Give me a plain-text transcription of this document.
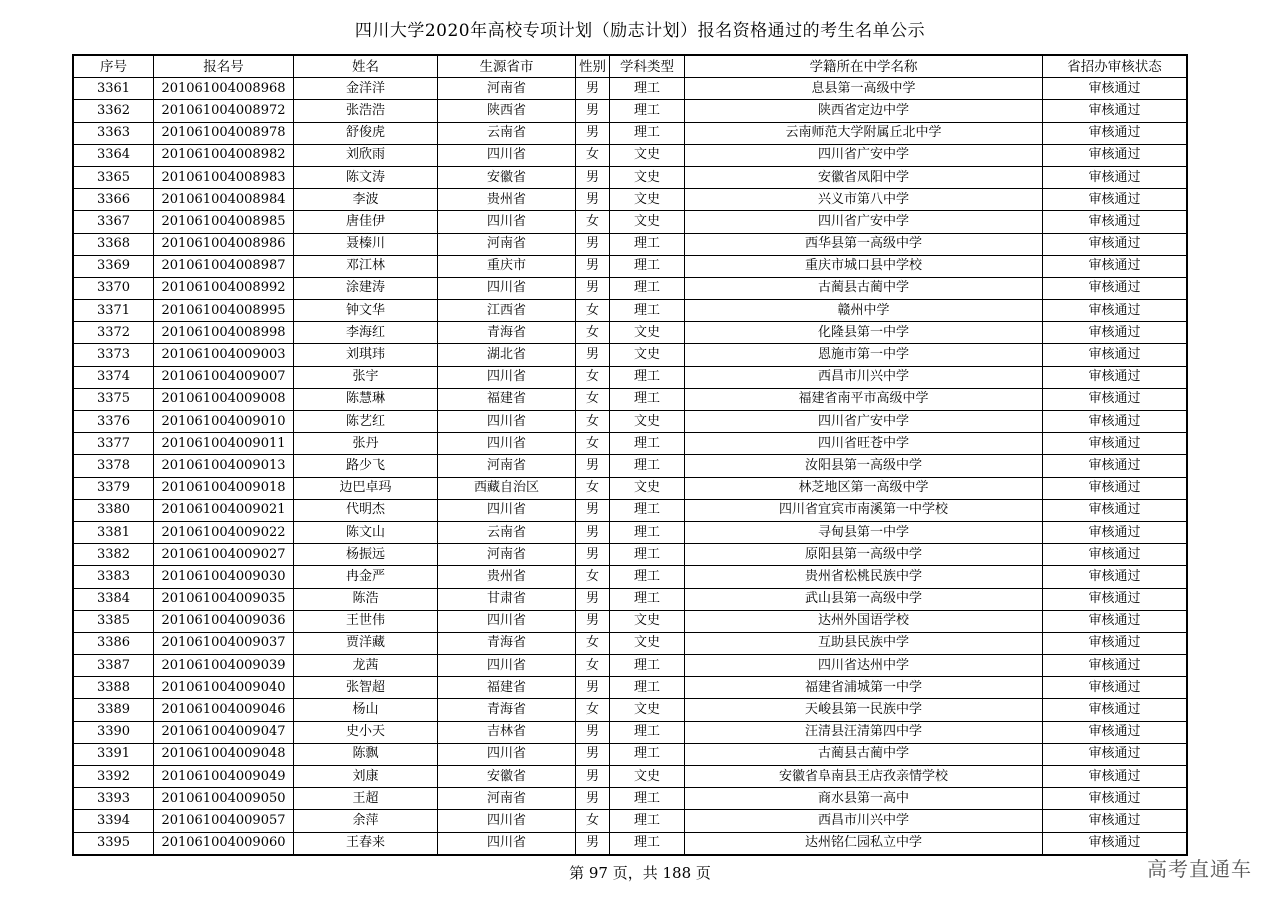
四川大学2020年高校专项计划（励志计划）报名资格通过的考生名单公示
序号	报名号	姓名	生源省市	性别	学科类型	学籍所在中学名称	省招办审核状态
3361	201061004008968	金洋洋	河南省	男	理工	息县第一高级中学	审核通过
3362	201061004008972	张浩浩	陕西省	男	理工	陕西省定边中学	审核通过
3363	201061004008978	舒俊虎	云南省	男	理工	云南师范大学附属丘北中学	审核通过
3364	201061004008982	刘欣雨	四川省	女	文史	四川省广安中学	审核通过
3365	201061004008983	陈文涛	安徽省	男	文史	安徽省凤阳中学	审核通过
3366	201061004008984	李波	贵州省	男	文史	兴义市第八中学	审核通过
3367	201061004008985	唐佳伊	四川省	女	文史	四川省广安中学	审核通过
3368	201061004008986	聂榛川	河南省	男	理工	西华县第一高级中学	审核通过
3369	201061004008987	邓江林	重庆市	男	理工	重庆市城口县中学校	审核通过
3370	201061004008992	涂建涛	四川省	男	理工	古蔺县古蔺中学	审核通过
3371	201061004008995	钟文华	江西省	女	理工	赣州中学	审核通过
3372	201061004008998	李海红	青海省	女	文史	化隆县第一中学	审核通过
3373	201061004009003	刘琪玮	湖北省	男	文史	恩施市第一中学	审核通过
3374	201061004009007	张宇	四川省	女	理工	西昌市川兴中学	审核通过
3375	201061004009008	陈慧琳	福建省	女	理工	福建省南平市高级中学	审核通过
3376	201061004009010	陈艺红	四川省	女	文史	四川省广安中学	审核通过
3377	201061004009011	张丹	四川省	女	理工	四川省旺苍中学	审核通过
3378	201061004009013	路少飞	河南省	男	理工	汝阳县第一高级中学	审核通过
3379	201061004009018	边巴卓玛	西藏自治区	女	文史	林芝地区第一高级中学	审核通过
3380	201061004009021	代明杰	四川省	男	理工	四川省宜宾市南溪第一中学校	审核通过
3381	201061004009022	陈文山	云南省	男	理工	寻甸县第一中学	审核通过
3382	201061004009027	杨振远	河南省	男	理工	原阳县第一高级中学	审核通过
3383	201061004009030	冉金严	贵州省	女	理工	贵州省松桃民族中学	审核通过
3384	201061004009035	陈浩	甘肃省	男	理工	武山县第一高级中学	审核通过
3385	201061004009036	王世伟	四川省	男	文史	达州外国语学校	审核通过
3386	201061004009037	贾洋藏	青海省	女	文史	互助县民族中学	审核通过
3387	201061004009039	龙茜	四川省	女	理工	四川省达州中学	审核通过
3388	201061004009040	张智超	福建省	男	理工	福建省浦城第一中学	审核通过
3389	201061004009046	杨山	青海省	女	文史	天峻县第一民族中学	审核通过
3390	201061004009047	史小天	吉林省	男	理工	汪清县汪清第四中学	审核通过
3391	201061004009048	陈飘	四川省	男	理工	古蔺县古蔺中学	审核通过
3392	201061004009049	刘康	安徽省	男	文史	安徽省阜南县王店孜亲情学校	审核通过
3393	201061004009050	王超	河南省	男	理工	商水县第一高中	审核通过
3394	201061004009057	余萍	四川省	女	理工	西昌市川兴中学	审核通过
3395	201061004009060	王春来	四川省	男	理工	达州铭仁园私立中学	审核通过
第 97 页，共 188 页	高考直通车
